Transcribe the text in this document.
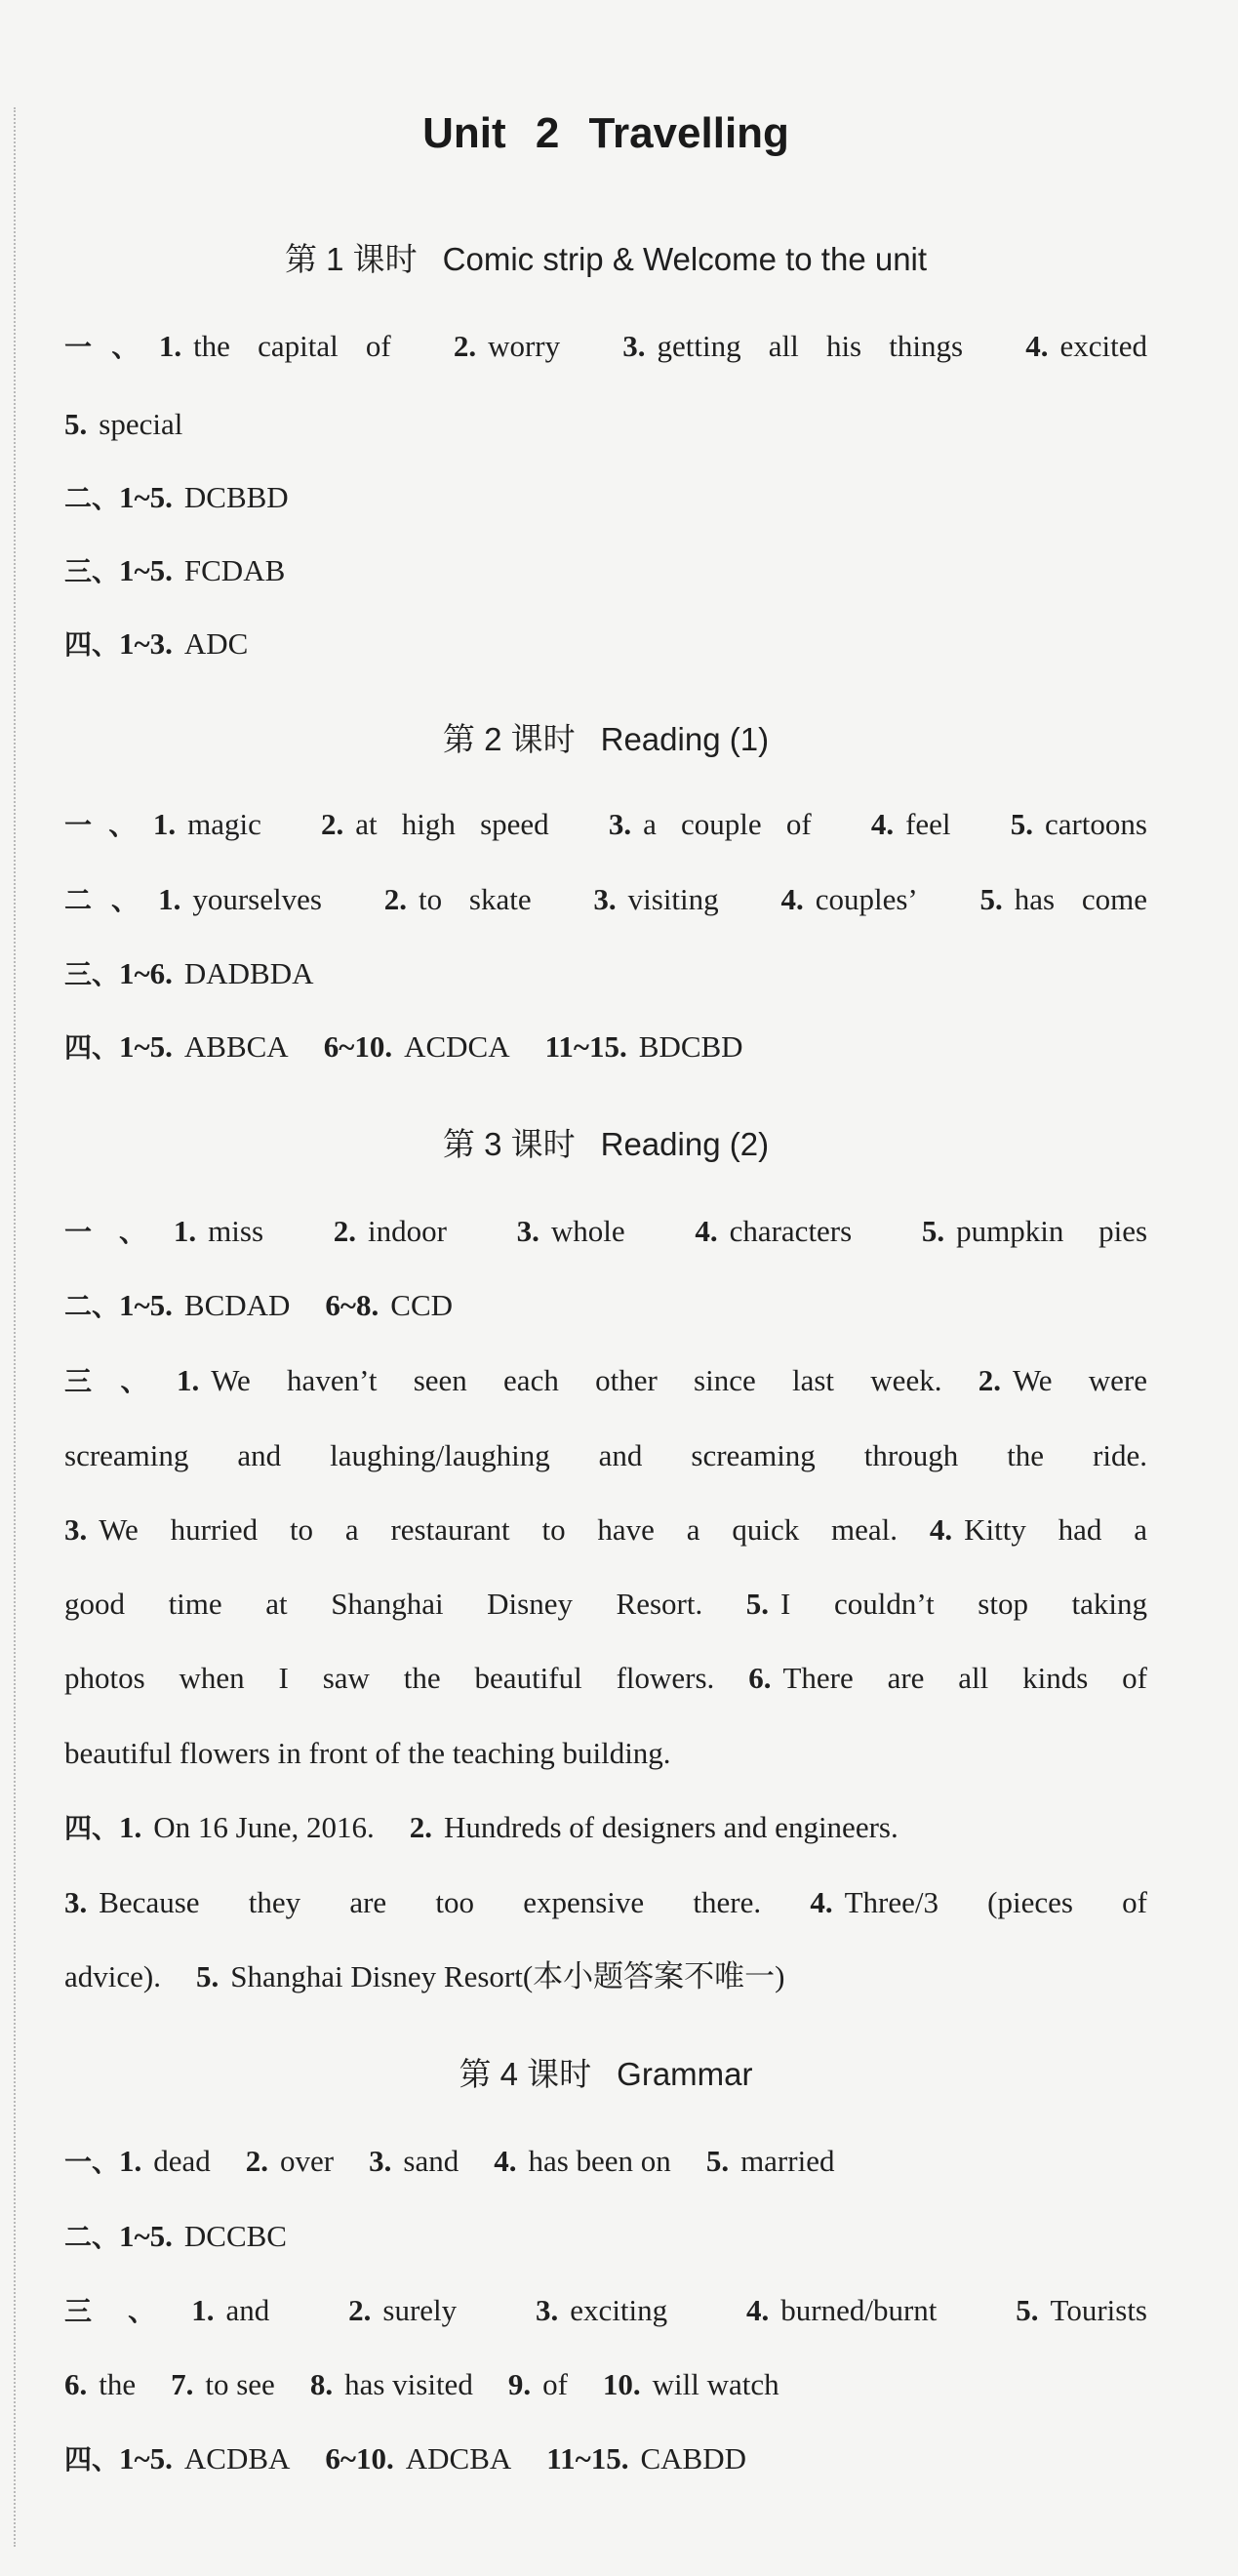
Unit 2 Travelling
第 1 课时 Comic strip & Welcome to the unit
一、1. the capital of 2. worry 3. getting all his things 4. excited
5. special
二、1~5. DCBBD
三、1~5. FCDAB
四、1~3. ADC
第 2 课时 Reading (1)
一、1. magic 2. at high speed 3. a couple of 4. feel 5. cartoons
二、1. yourselves 2. to skate 3. visiting 4. couples’ 5. has come
三、1~6. DADBDA
四、1~5. ABBCA 6~10. ACDCA 11~15. BDCBD
第 3 课时 Reading (2)
一、1. miss 2. indoor 3. whole 4. characters 5. pumpkin pies
二、1~5. BCDAD 6~8. CCD
三、1. We haven’t seen each other since last week. 2. We were
screaming and laughing/laughing and screaming through the ride.
3. We hurried to a restaurant to have a quick meal. 4. Kitty had a
good time at Shanghai Disney Resort. 5. I couldn’t stop taking
photos when I saw the beautiful flowers. 6. There are all kinds of
beautiful flowers in front of the teaching building.
四、1. On 16 June, 2016. 2. Hundreds of designers and engineers.
3. Because they are too expensive there. 4. Three/3 (pieces of
advice). 5. Shanghai Disney Resort(本小题答案不唯一)
第 4 课时 Grammar
一、1. dead 2. over 3. sand 4. has been on 5. married
二、1~5. DCCBC
三、1. and	2. surely	3. exciting	4. burned/burnt	5. Tourists
6. the 7. to see 8. has visited 9. of 10. will watch
四、1~5. ACDBA 6~10. ADCBA 11~15. CABDD
